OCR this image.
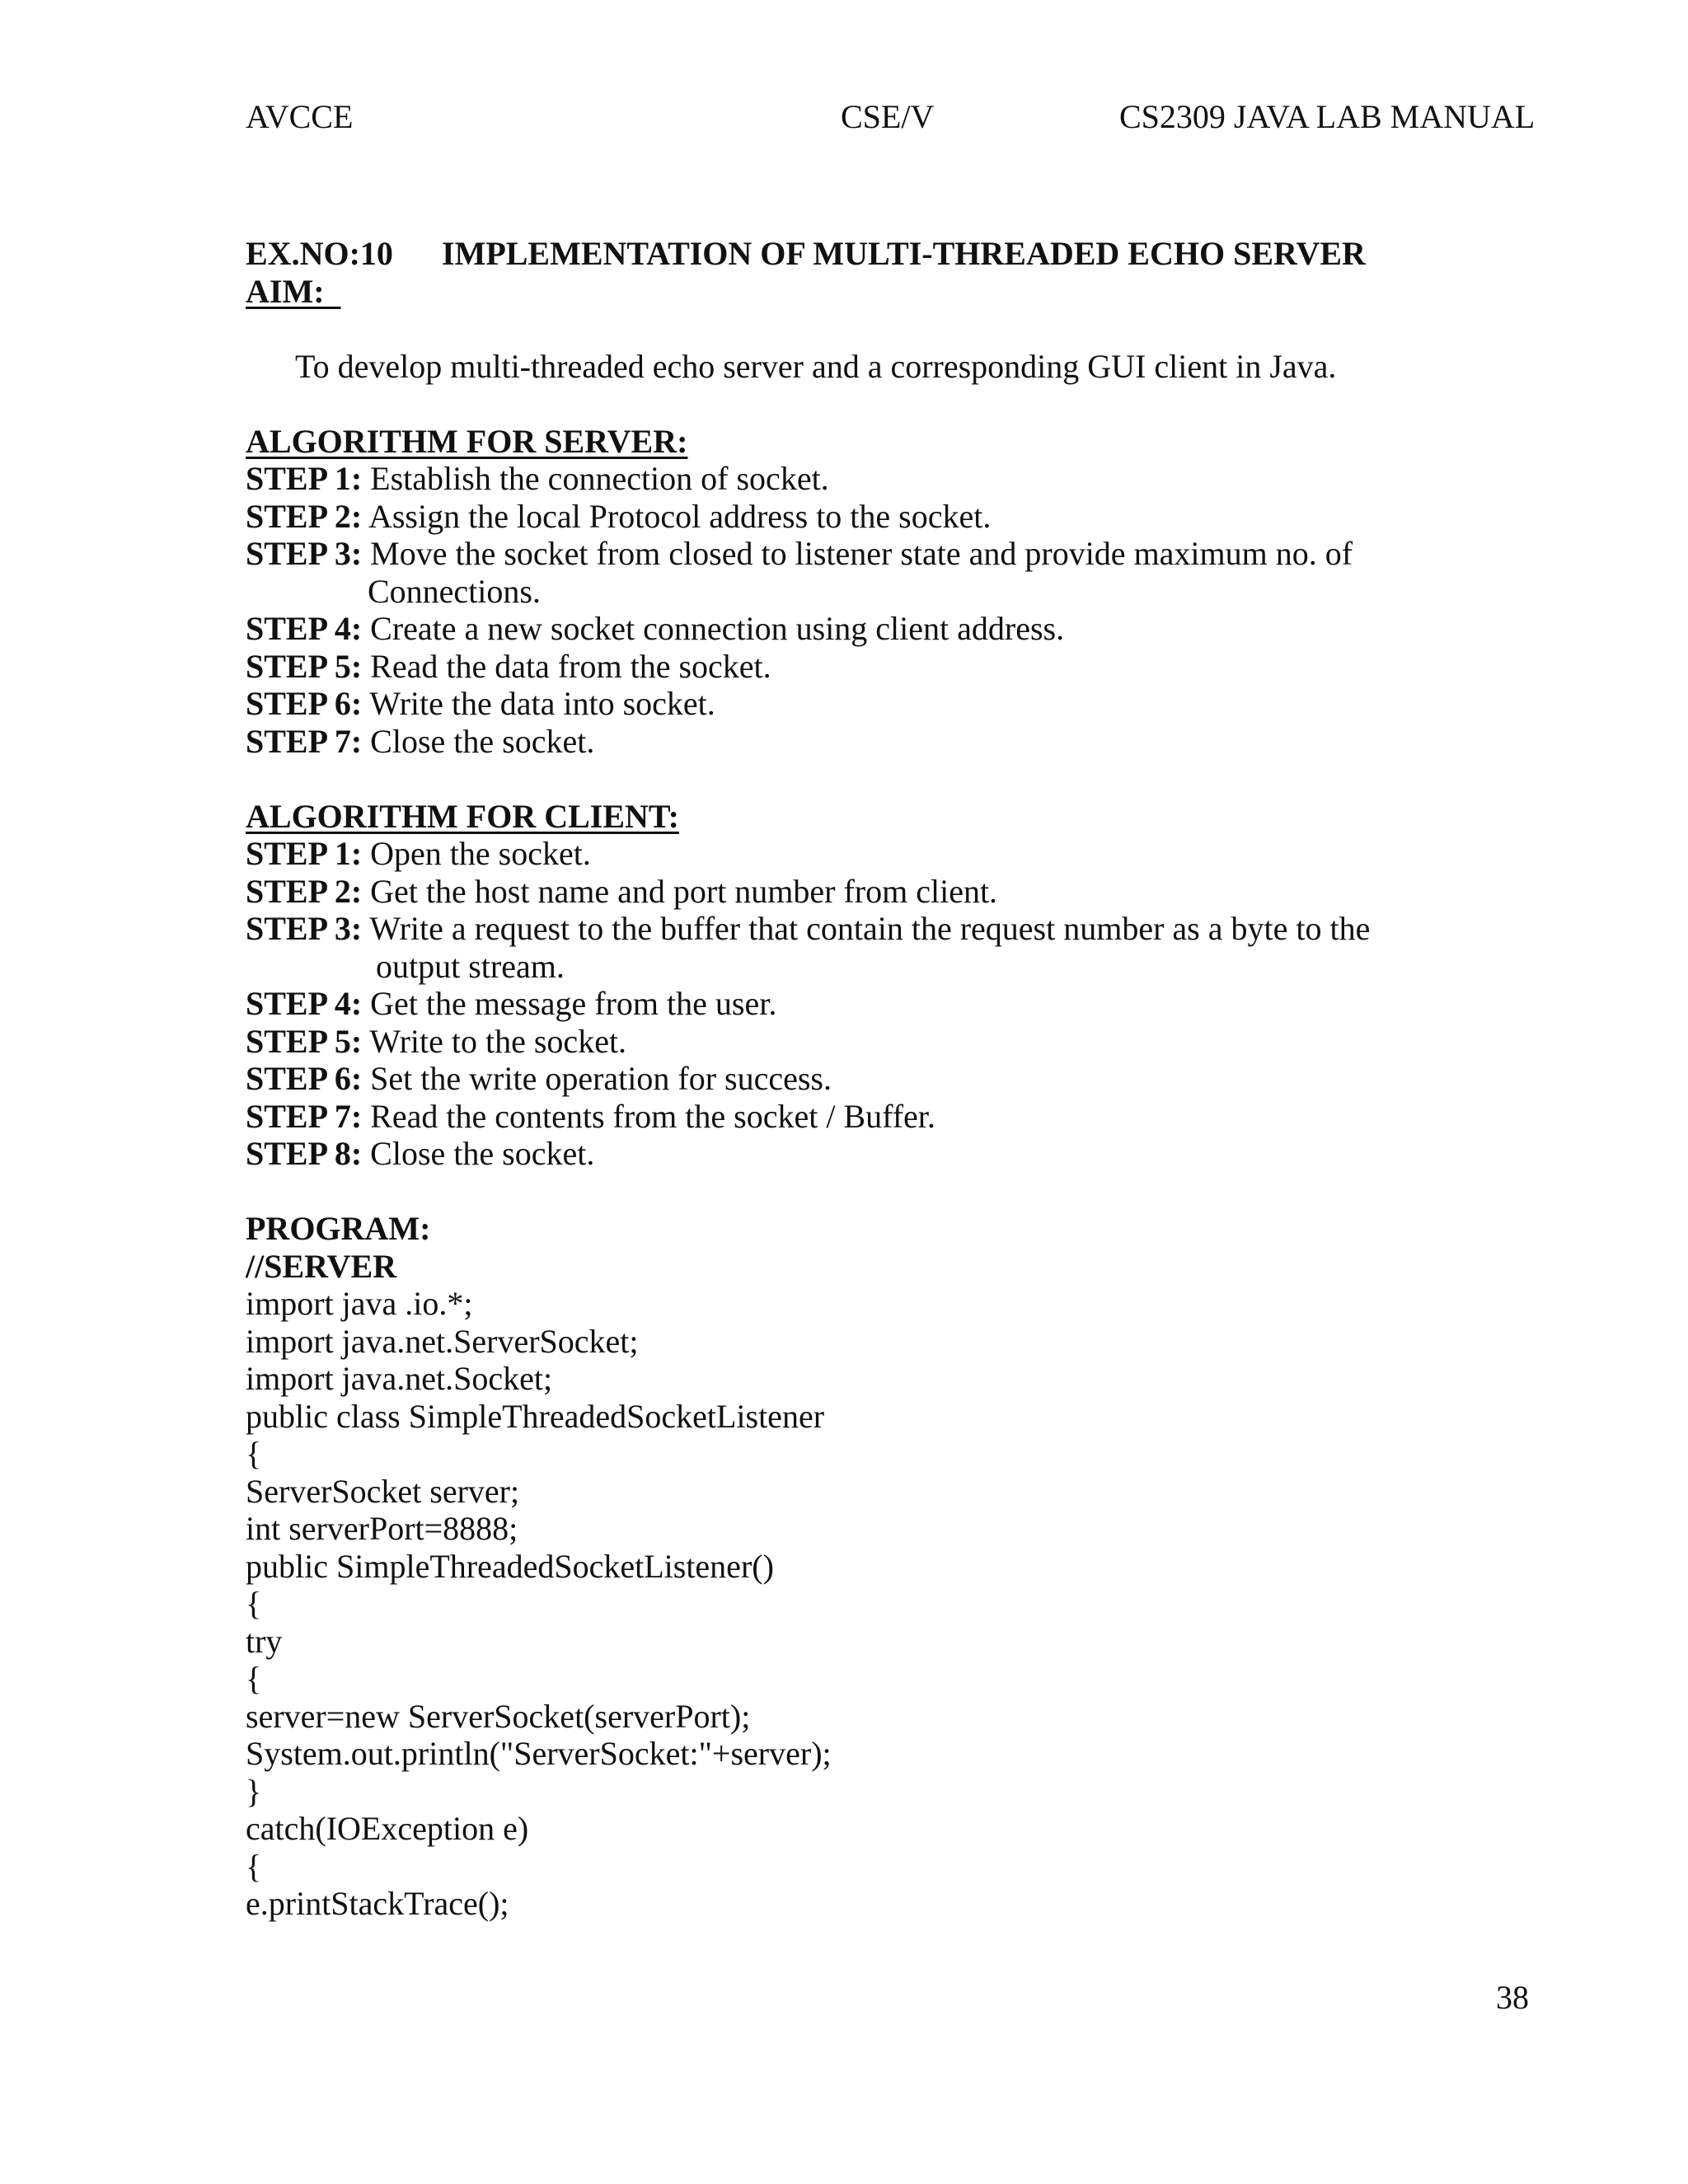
AVCCE	CSE/V	CS2309 JAVA LAB MANUAL
EX.NO:10 IMPLEMENTATION OF MULTI-THREADED ECHO SERVER
AIM:
To develop multi-threaded echo server and a corresponding GUI client in Java.
ALGORITHM FOR SERVER:
STEP 1: Establish the connection of socket.
STEP 2: Assign the local Protocol address to the socket.
STEP 3: Move the socket from closed to listener state and provide maximum no. of
Connections.
STEP 4: Create a new socket connection using client address.
STEP 5: Read the data from the socket.
STEP 6: Write the data into socket.
STEP 7: Close the socket.
ALGORITHM FOR CLIENT:
STEP 1: Open the socket.
STEP 2: Get the host name and port number from client.
STEP 3: Write a request to the buffer that contain the request number as a byte to the
output stream.
STEP 4: Get the message from the user.
STEP 5: Write to the socket.
STEP 6: Set the write operation for success.
STEP 7: Read the contents from the socket / Buffer.
STEP 8: Close the socket.
PROGRAM:
//SERVER
import java .io.*;
import java.net.ServerSocket;
import java.net.Socket;
public class SimpleThreadedSocketListener
{
ServerSocket server;
int serverPort=8888;
public SimpleThreadedSocketListener()
{
try
{
server=new ServerSocket(serverPort);
System.out.println("ServerSocket:"+server);
}
catch(IOException e)
{
e.printStackTrace();
38
